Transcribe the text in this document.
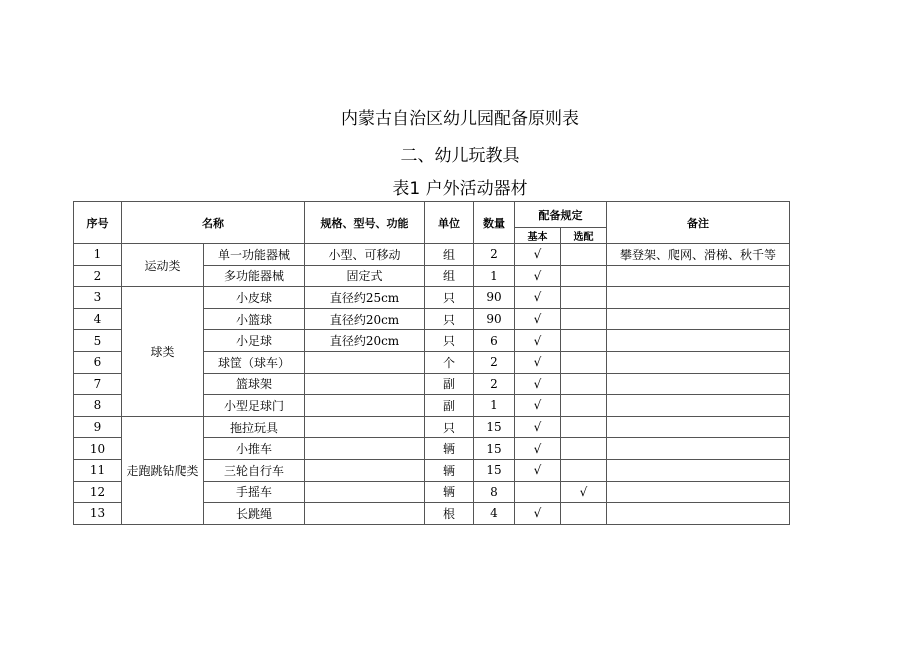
内蒙古自治区幼儿园配备原则表
二、幼儿玩教具
表1 户外活动器材
序号	名称		规格、型号、功能	单位	数量	配备规定		备注
						基本	选配	
1	运动类	单一功能器械	小型、可移动	组	2	√		攀登架、爬网、滑梯、秋千等
2		多功能器械	固定式	组	1	√		
3	球类	小皮球	直径约25cm	只	90	√		
4		小篮球	直径约20cm	只	90	√		
5		小足球	直径约20cm	只	6	√		
6		球筐（球车）		个	2	√		
7		篮球架		副	2	√		
8		小型足球门		副	1	√		
9	走跑跳钻爬类	拖拉玩具		只	15	√		
10		小推车		辆	15	√		
11		三轮自行车		辆	15	√		
12		手摇车		辆	8		√	
13		长跳绳		根	4	√		
